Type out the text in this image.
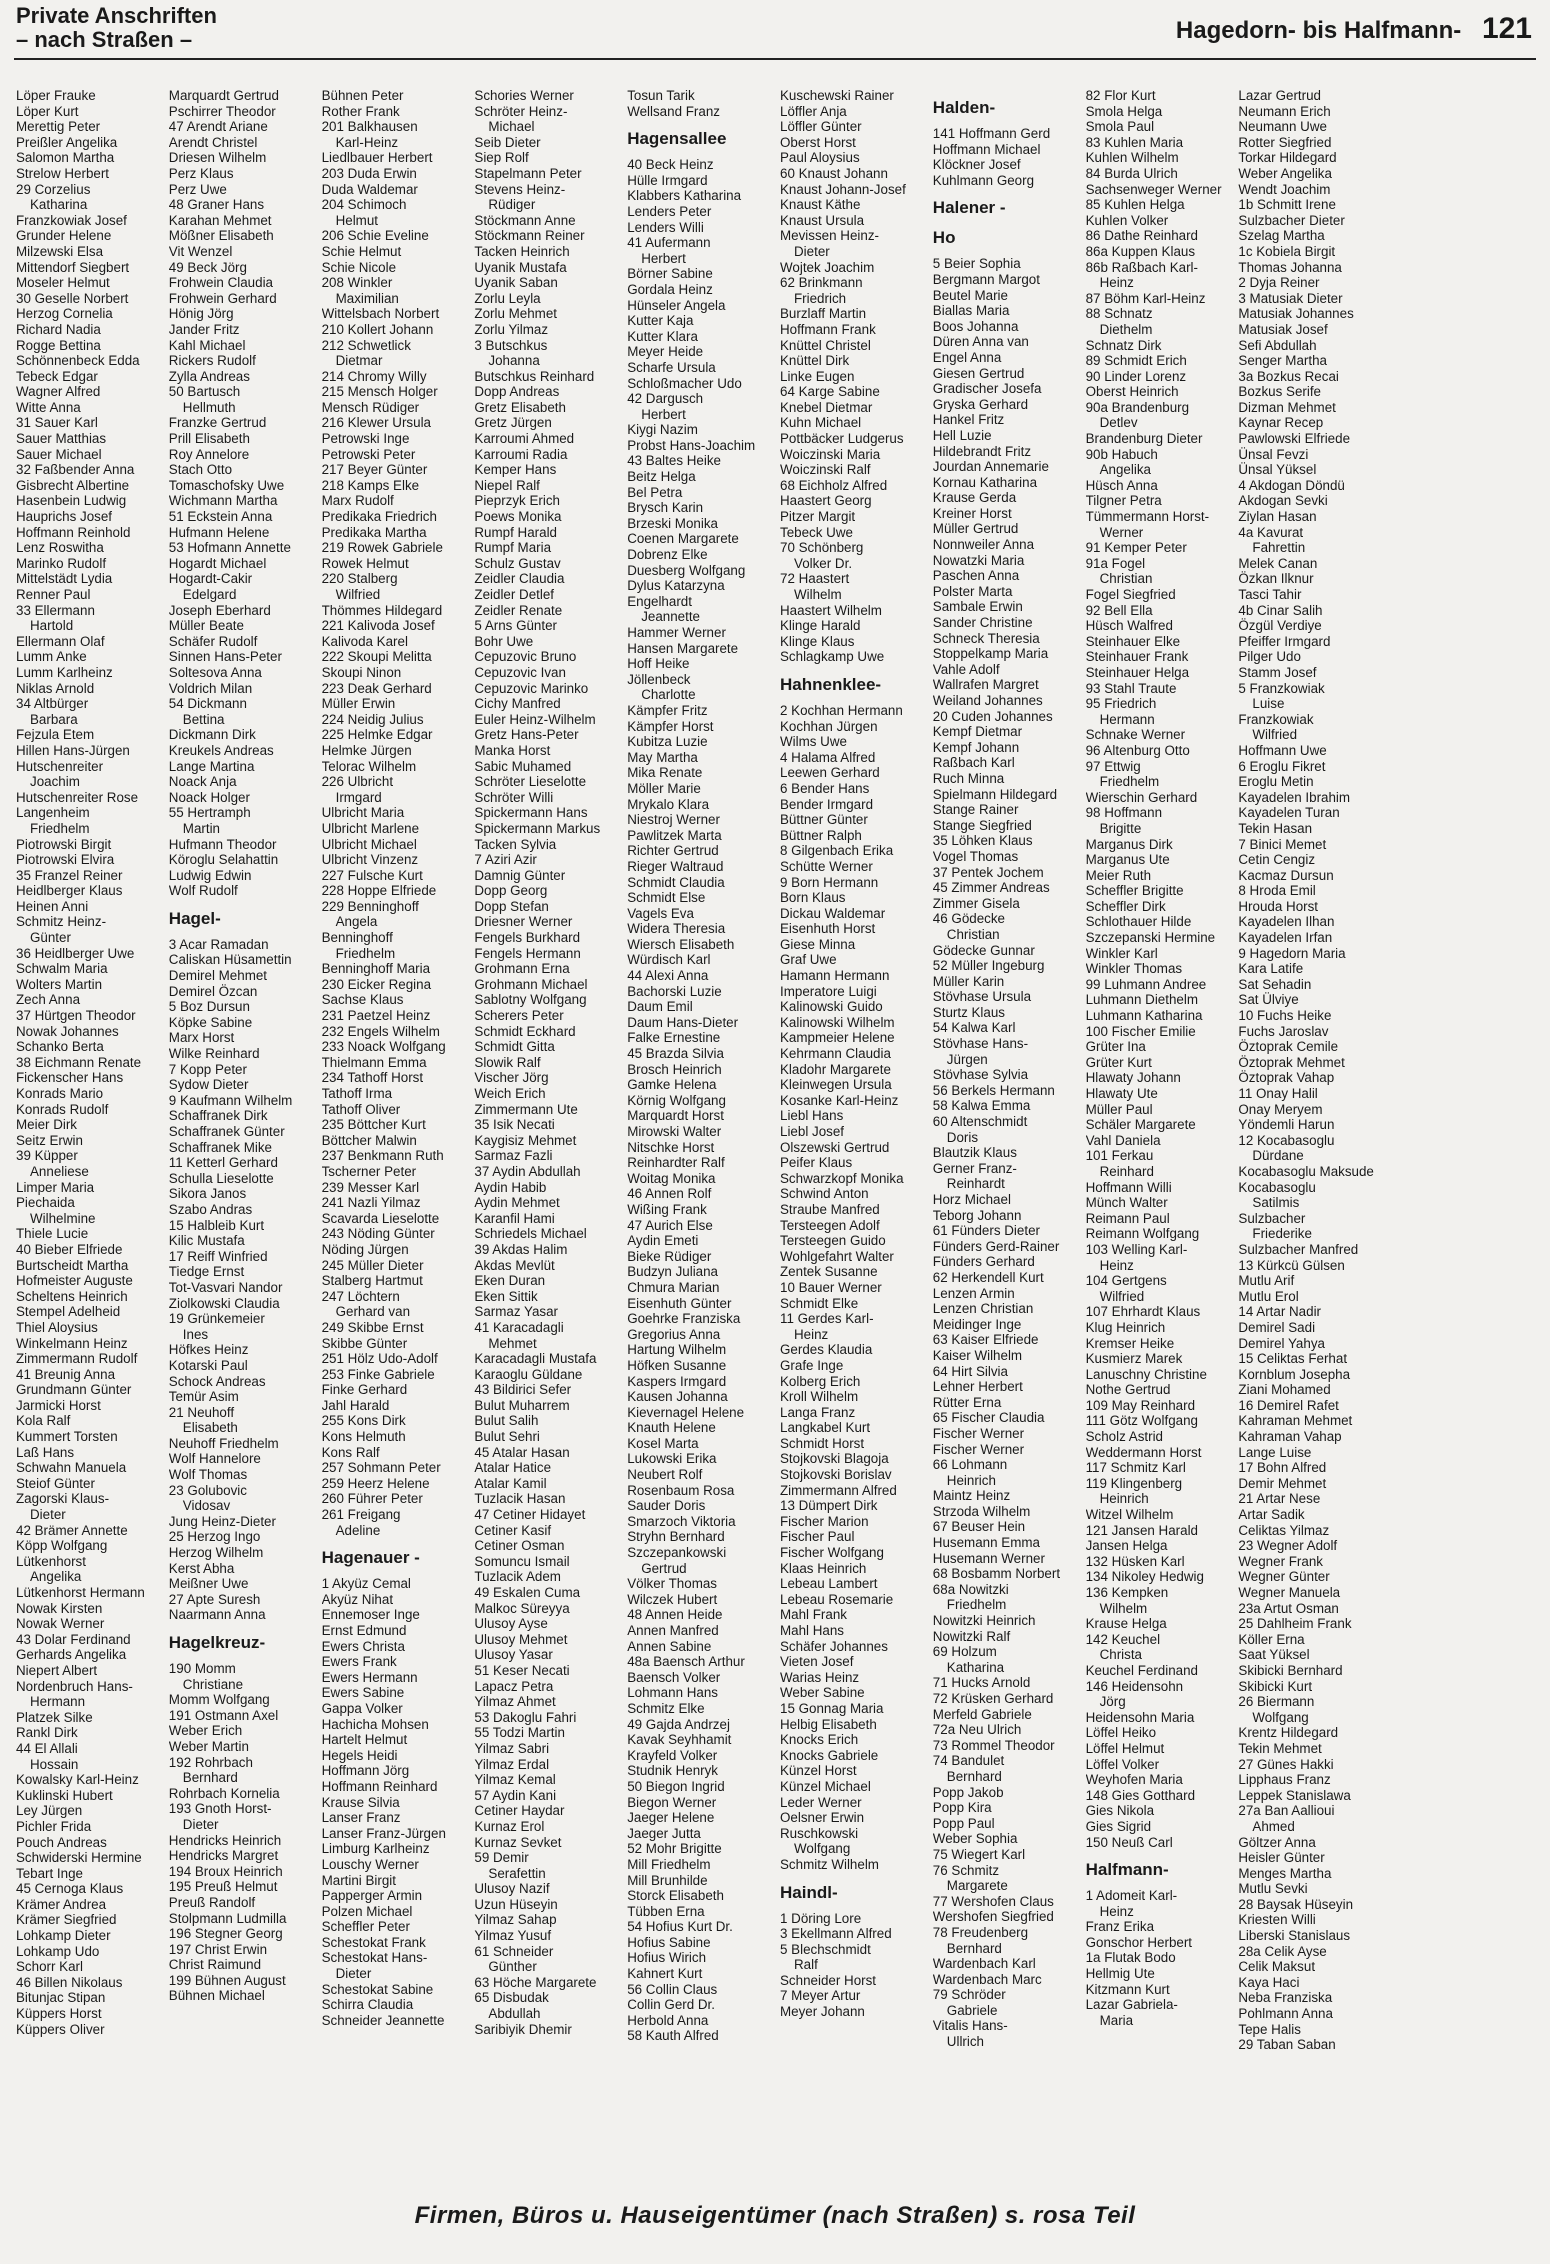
Private Anschriften
– nach Straßen –	Hagedorn- bis Halfmann- 121
Löper Frauke
Löper Kurt
Merettig Peter
Preißler Angelika
Salomon Martha
Strelow Herbert
29 Corzelius
Katharina
Franzkowiak Josef
Grunder Helene
Milzewski Elsa
Mittendorf Siegbert
Moseler Helmut
30 Geselle Norbert
Herzog Cornelia
Richard Nadia
Rogge Bettina
Schönnenbeck Edda
Tebeck Edgar
Wagner Alfred
Witte Anna
31 Sauer Karl
Sauer Matthias
Sauer Michael
32 Faßbender Anna
Gisbrecht Albertine
Hasenbein Ludwig
Hauprichs Josef
Hoffmann Reinhold
Lenz Roswitha
Marinko Rudolf
Mittelstädt Lydia
Renner Paul
33 Ellermann
Hartold
Ellermann Olaf
Lumm Anke
Lumm Karlheinz
Niklas Arnold
34 Altbürger
Barbara
Fejzula Etem
Hillen Hans-Jürgen
Hutschenreiter
Joachim
Hutschenreiter Rose
Langenheim
Friedhelm
Piotrowski Birgit
Piotrowski Elvira
35 Franzel Reiner
Heidlberger Klaus
Heinen Anni
Schmitz Heinz-
Günter
36 Heidlberger Uwe
Schwalm Maria
Wolters Martin
Zech Anna
37 Hürtgen Theodor
Nowak Johannes
Schanko Berta
38 Eichmann Renate
Fickenscher Hans
Konrads Mario
Konrads Rudolf
Meier Dirk
Seitz Erwin
39 Küpper
Anneliese
Limper Maria
Piechaida
Wilhelmine
Thiele Lucie
40 Bieber Elfriede
Burtscheidt Martha
Hofmeister Auguste
Scheltens Heinrich
Stempel Adelheid
Thiel Aloysius
Winkelmann Heinz
Zimmermann Rudolf
41 Breunig Anna
Grundmann Günter
Jarmicki Horst
Kola Ralf
Kummert Torsten
Laß Hans
Schwahn Manuela
Steiof Günter
Zagorski Klaus-
Dieter
42 Brämer Annette
Köpp Wolfgang
Lütkenhorst
Angelika
Lütkenhorst Hermann
Nowak Kirsten
Nowak Werner
43 Dolar Ferdinand
Gerhards Angelika
Niepert Albert
Nordenbruch Hans-
Hermann
Platzek Silke
Rankl Dirk
44 El Allali
Hossain
Kowalsky Karl-Heinz
Kuklinski Hubert
Ley Jürgen
Pichler Frida
Pouch Andreas
Schwiderski Hermine
Tebart Inge
45 Cernoga Klaus
Krämer Andrea
Krämer Siegfried
Lohkamp Dieter
Lohkamp Udo
Schorr Karl
46 Billen Nikolaus
Bitunjac Stipan
Küppers Horst
Küppers Oliver
Marquardt Gertrud
Pschirrer Theodor
47 Arendt Ariane
Arendt Christel
Driesen Wilhelm
Perz Klaus
Perz Uwe
48 Graner Hans
Karahan Mehmet
Mößner Elisabeth
Vit Wenzel
49 Beck Jörg
Frohwein Claudia
Frohwein Gerhard
Hönig Jörg
Jander Fritz
Kahl Michael
Rickers Rudolf
Zylla Andreas
50 Bartusch
Hellmuth
Franzke Gertrud
Prill Elisabeth
Roy Annelore
Stach Otto
Tomaschofsky Uwe
Wichmann Martha
51 Eckstein Anna
Hufmann Helene
53 Hofmann Annette
Hogardt Michael
Hogardt-Cakir
Edelgard
Joseph Eberhard
Müller Beate
Schäfer Rudolf
Sinnen Hans-Peter
Soltesova Anna
Voldrich Milan
54 Dickmann
Bettina
Dickmann Dirk
Kreukels Andreas
Lange Martina
Noack Anja
Noack Holger
55 Hertramph
Martin
Hufmann Theodor
Köroglu Selahattin
Ludwig Edwin
Wolf Rudolf
Hagel-
3 Acar Ramadan
Caliskan Hüsamettin
Demirel Mehmet
Demirel Özcan
5 Boz Dursun
Köpke Sabine
Marx Horst
Wilke Reinhard
7 Kopp Peter
Sydow Dieter
9 Kaufmann Wilhelm
Schaffranek Dirk
Schaffranek Günter
Schaffranek Mike
11 Ketterl Gerhard
Schulla Lieselotte
Sikora Janos
Szabo Andras
15 Halbleib Kurt
Kilic Mustafa
17 Reiff Winfried
Tiedge Ernst
Tot-Vasvari Nandor
Ziolkowski Claudia
19 Grünkemeier
Ines
Höfkes Heinz
Kotarski Paul
Schock Andreas
Temür Asim
21 Neuhoff
Elisabeth
Neuhoff Friedhelm
Wolf Hannelore
Wolf Thomas
23 Golubovic
Vidosav
Jung Heinz-Dieter
25 Herzog Ingo
Herzog Wilhelm
Kerst Abha
Meißner Uwe
27 Apte Suresh
Naarmann Anna
Hagelkreuz-
190 Momm
Christiane
Momm Wolfgang
191 Ostmann Axel
Weber Erich
Weber Martin
192 Rohrbach
Bernhard
Rohrbach Kornelia
193 Gnoth Horst-
Dieter
Hendricks Heinrich
Hendricks Margret
194 Broux Heinrich
195 Preuß Helmut
Preuß Randolf
Stolpmann Ludmilla
196 Stegner Georg
197 Christ Erwin
Christ Raimund
199 Bühnen August
Bühnen Michael
Bühnen Peter
Rother Frank
201 Balkhausen
Karl-Heinz
Liedlbauer Herbert
203 Duda Erwin
Duda Waldemar
204 Schimoch
Helmut
206 Schie Eveline
Schie Helmut
Schie Nicole
208 Winkler
Maximilian
Wittelsbach Norbert
210 Kollert Johann
212 Schwetlick
Dietmar
214 Chromy Willy
215 Mensch Holger
Mensch Rüdiger
216 Klewer Ursula
Petrowski Inge
Petrowski Peter
217 Beyer Günter
218 Kamps Elke
Marx Rudolf
Predikaka Friedrich
Predikaka Martha
219 Rowek Gabriele
Rowek Helmut
220 Stalberg
Wilfried
Thömmes Hildegard
221 Kalivoda Josef
Kalivoda Karel
222 Skoupi Melitta
Skoupi Ninon
223 Deak Gerhard
Müller Erwin
224 Neidig Julius
225 Helmke Edgar
Helmke Jürgen
Telorac Wilhelm
226 Ulbricht
Irmgard
Ulbricht Maria
Ulbricht Marlene
Ulbricht Michael
Ulbricht Vinzenz
227 Fulsche Kurt
228 Hoppe Elfriede
229 Benninghoff
Angela
Benninghoff
Friedhelm
Benninghoff Maria
230 Eicker Regina
Sachse Klaus
231 Paetzel Heinz
232 Engels Wilhelm
233 Noack Wolfgang
Thielmann Emma
234 Tathoff Horst
Tathoff Irma
Tathoff Oliver
235 Böttcher Kurt
Böttcher Malwin
237 Benkmann Ruth
Tscherner Peter
239 Messer Karl
241 Nazli Yilmaz
Scavarda Lieselotte
243 Nöding Günter
Nöding Jürgen
245 Müller Dieter
Stalberg Hartmut
247 Löchtern
Gerhard van
249 Skibbe Ernst
Skibbe Günter
251 Hölz Udo-Adolf
253 Finke Gabriele
Finke Gerhard
Jahl Harald
255 Kons Dirk
Kons Helmuth
Kons Ralf
257 Sohmann Peter
259 Heerz Helene
260 Führer Peter
261 Freigang
Adeline
Hagenauer -
1 Akyüz Cemal
Akyüz Nihat
Ennemoser Inge
Ernst Edmund
Ewers Christa
Ewers Frank
Ewers Hermann
Ewers Sabine
Gappa Volker
Hachicha Mohsen
Hartelt Helmut
Hegels Heidi
Hoffmann Jörg
Hoffmann Reinhard
Krause Silvia
Lanser Franz
Lanser Franz-Jürgen
Limburg Karlheinz
Louschy Werner
Martini Birgit
Papperger Armin
Polzen Michael
Scheffler Peter
Schestokat Frank
Schestokat Hans-
Dieter
Schestokat Sabine
Schirra Claudia
Schneider Jeannette
Schories Werner
Schröter Heinz-
Michael
Seib Dieter
Siep Rolf
Stapelmann Peter
Stevens Heinz-
Rüdiger
Stöckmann Anne
Stöckmann Reiner
Tacken Heinrich
Uyanik Mustafa
Uyanik Saban
Zorlu Leyla
Zorlu Mehmet
Zorlu Yilmaz
3 Butschkus
Johanna
Butschkus Reinhard
Dopp Andreas
Gretz Elisabeth
Gretz Jürgen
Karroumi Ahmed
Karroumi Radia
Kemper Hans
Niepel Ralf
Pieprzyk Erich
Poews Monika
Rumpf Harald
Rumpf Maria
Schulz Gustav
Zeidler Claudia
Zeidler Detlef
Zeidler Renate
5 Arns Günter
Bohr Uwe
Cepuzovic Bruno
Cepuzovic Ivan
Cepuzovic Marinko
Cichy Manfred
Euler Heinz-Wilhelm
Gretz Hans-Peter
Manka Horst
Sabic Muhamed
Schröter Lieselotte
Schröter Willi
Spickermann Hans
Spickermann Markus
Tacken Sylvia
7 Aziri Azir
Damnig Günter
Dopp Georg
Dopp Stefan
Driesner Werner
Fengels Burkhard
Fengels Hermann
Grohmann Erna
Grohmann Michael
Sablotny Wolfgang
Scherers Peter
Schmidt Eckhard
Schmidt Gitta
Slowik Ralf
Vischer Jörg
Weich Erich
Zimmermann Ute
35 Isik Necati
Kaygisiz Mehmet
Sarmaz Fazli
37 Aydin Abdullah
Aydin Habib
Aydin Mehmet
Karanfil Hami
Schriedels Michael
39 Akdas Halim
Akdas Mevlüt
Eken Duran
Eken Sittik
Sarmaz Yasar
41 Karacadagli
Mehmet
Karacadagli Mustafa
Karaoglu Güldane
43 Bildirici Sefer
Bulut Muharrem
Bulut Salih
Bulut Sehri
45 Atalar Hasan
Atalar Hatice
Atalar Kamil
Tuzlacik Hasan
47 Cetiner Hidayet
Cetiner Kasif
Cetiner Osman
Somuncu Ismail
Tuzlacik Adem
49 Eskalen Cuma
Malkoc Süreyya
Ulusoy Ayse
Ulusoy Mehmet
Ulusoy Yasar
51 Keser Necati
Lapacz Petra
Yilmaz Ahmet
53 Dakoglu Fahri
55 Todzi Martin
Yilmaz Sabri
Yilmaz Erdal
Yilmaz Kemal
57 Aydin Kani
Cetiner Haydar
Kurnaz Erol
Kurnaz Sevket
59 Demir
Serafettin
Ulusoy Nazif
Uzun Hüseyin
Yilmaz Sahap
Yilmaz Yusuf
61 Schneider
Günther
63 Höche Margarete
65 Disbudak
Abdullah
Saribiyik Dhemir
Tosun Tarik
Wellsand Franz
Hagensallee
40 Beck Heinz
Hülle Irmgard
Klabbers Katharina
Lenders Peter
Lenders Willi
41 Aufermann
Herbert
Börner Sabine
Gordala Heinz
Hünseler Angela
Kutter Kaja
Kutter Klara
Meyer Heide
Scharfe Ursula
Schloßmacher Udo
42 Dargusch
Herbert
Kiygi Nazim
Probst Hans-Joachim
43 Baltes Heike
Beitz Helga
Bel Petra
Brysch Karin
Brzeski Monika
Coenen Margarete
Dobrenz Elke
Duesberg Wolfgang
Dylus Katarzyna
Engelhardt
Jeannette
Hammer Werner
Hansen Margarete
Hoff Heike
Jöllenbeck
Charlotte
Kämpfer Fritz
Kämpfer Horst
Kubitza Luzie
May Martha
Mika Renate
Möller Marie
Mrykalo Klara
Niestroj Werner
Pawlitzek Marta
Richter Gertrud
Rieger Waltraud
Schmidt Claudia
Schmidt Else
Vagels Eva
Widera Theresia
Wiersch Elisabeth
Würdisch Karl
44 Alexi Anna
Bachorski Luzie
Daum Emil
Daum Hans-Dieter
Falke Ernestine
45 Brazda Silvia
Brosch Heinrich
Gamke Helena
Körnig Wolfgang
Marquardt Horst
Mirowski Walter
Nitschke Horst
Reinhardter Ralf
Woitag Monika
46 Annen Rolf
Wißing Frank
47 Aurich Else
Aydin Emeti
Bieke Rüdiger
Budzyn Juliana
Chmura Marian
Eisenhuth Günter
Goehrke Franziska
Gregorius Anna
Hartung Wilhelm
Höfken Susanne
Kaspers Irmgard
Kausen Johanna
Kievernagel Helene
Knauth Helene
Kosel Marta
Lukowski Erika
Neubert Rolf
Rosenbaum Rosa
Sauder Doris
Smarzoch Viktoria
Stryhn Bernhard
Szczepankowski
Gertrud
Völker Thomas
Wilczek Hubert
48 Annen Heide
Annen Manfred
Annen Sabine
48a Baensch Arthur
Baensch Volker
Lohmann Hans
Schmitz Elke
49 Gajda Andrzej
Kavak Seyhhamit
Krayfeld Volker
Studnik Henryk
50 Biegon Ingrid
Biegon Werner
Jaeger Helene
Jaeger Jutta
52 Mohr Brigitte
Mill Friedhelm
Mill Brunhilde
Storck Elisabeth
Tübben Erna
54 Hofius Kurt Dr.
Hofius Sabine
Hofius Wirich
Kahnert Kurt
56 Collin Claus
Collin Gerd Dr.
Herbold Anna
58 Kauth Alfred
Kuschewski Rainer
Löffler Anja
Löffler Günter
Oberst Horst
Paul Aloysius
60 Knaust Johann
Knaust Johann-Josef
Knaust Käthe
Knaust Ursula
Mevissen Heinz-
Dieter
Wojtek Joachim
62 Brinkmann
Friedrich
Burzlaff Martin
Hoffmann Frank
Knüttel Christel
Knüttel Dirk
Linke Eugen
64 Karge Sabine
Knebel Dietmar
Kuhn Michael
Pottbäcker Ludgerus
Woiczinski Maria
Woiczinski Ralf
68 Eichholz Alfred
Haastert Georg
Pitzer Margit
Tebeck Uwe
70 Schönberg
Volker Dr.
72 Haastert
Wilhelm
Haastert Wilhelm
Klinge Harald
Klinge Klaus
Schlagkamp Uwe
Hahnenklee-
2 Kochhan Hermann
Kochhan Jürgen
Wilms Uwe
4 Halama Alfred
Leewen Gerhard
6 Bender Hans
Bender Irmgard
Büttner Günter
Büttner Ralph
8 Gilgenbach Erika
Schütte Werner
9 Born Hermann
Born Klaus
Dickau Waldemar
Eisenhuth Horst
Giese Minna
Graf Uwe
Hamann Hermann
Imperatore Luigi
Kalinowski Guido
Kalinowski Wilhelm
Kampmeier Helene
Kehrmann Claudia
Kladohr Margarete
Kleinwegen Ursula
Kosanke Karl-Heinz
Liebl Hans
Liebl Josef
Olszewski Gertrud
Peifer Klaus
Schwarzkopf Monika
Schwind Anton
Straube Manfred
Tersteegen Adolf
Tersteegen Guido
Wohlgefahrt Walter
Zentek Susanne
10 Bauer Werner
Schmidt Elke
11 Gerdes Karl-
Heinz
Gerdes Klaudia
Grafe Inge
Kolberg Erich
Kroll Wilhelm
Langa Franz
Langkabel Kurt
Schmidt Horst
Stojkovski Blagoja
Stojkovski Borislav
Zimmermann Alfred
13 Dümpert Dirk
Fischer Marion
Fischer Paul
Fischer Wolfgang
Klaas Heinrich
Lebeau Lambert
Lebeau Rosemarie
Mahl Frank
Mahl Hans
Schäfer Johannes
Vieten Josef
Warias Heinz
Weber Sabine
15 Gonnag Maria
Helbig Elisabeth
Knocks Erich
Knocks Gabriele
Künzel Horst
Künzel Michael
Leder Werner
Oelsner Erwin
Ruschkowski
Wolfgang
Schmitz Wilhelm
Haindl-
1 Döring Lore
3 Ekellmann Alfred
5 Blechschmidt
Ralf
Schneider Horst
7 Meyer Artur
Meyer Johann
Halden-
141 Hoffmann Gerd
Hoffmann Michael
Klöckner Josef
Kuhlmann Georg
Halener -
Ho
5 Beier Sophia
Bergmann Margot
Beutel Marie
Biallas Maria
Boos Johanna
Düren Anna van
Engel Anna
Giesen Gertrud
Gradischer Josefa
Gryska Gerhard
Hankel Fritz
Hell Luzie
Hildebrandt Fritz
Jourdan Annemarie
Kornau Katharina
Krause Gerda
Kreiner Horst
Müller Gertrud
Nonnweiler Anna
Nowatzki Maria
Paschen Anna
Polster Marta
Sambale Erwin
Sander Christine
Schneck Theresia
Stoppelkamp Maria
Vahle Adolf
Wallrafen Margret
Weiland Johannes
20 Cuden Johannes
Kempf Dietmar
Kempf Johann
Raßbach Karl
Ruch Minna
Spielmann Hildegard
Stange Rainer
Stange Siegfried
35 Löhken Klaus
Vogel Thomas
37 Pentek Jochem
45 Zimmer Andreas
Zimmer Gisela
46 Gödecke
Christian
Gödecke Gunnar
52 Müller Ingeburg
Müller Karin
Stövhase Ursula
Sturtz Klaus
54 Kalwa Karl
Stövhase Hans-
Jürgen
Stövhase Sylvia
56 Berkels Hermann
58 Kalwa Emma
60 Altenschmidt
Doris
Blautzik Klaus
Gerner Franz-
Reinhardt
Horz Michael
Teborg Johann
61 Fünders Dieter
Fünders Gerd-Rainer
Fünders Gerhard
62 Herkendell Kurt
Lenzen Armin
Lenzen Christian
Meidinger Inge
63 Kaiser Elfriede
Kaiser Wilhelm
64 Hirt Silvia
Lehner Herbert
Rütter Erna
65 Fischer Claudia
Fischer Werner
Fischer Werner
66 Lohmann
Heinrich
Maintz Heinz
Strzoda Wilhelm
67 Beuser Hein
Husemann Emma
Husemann Werner
68 Bosbamm Norbert
68a Nowitzki
Friedhelm
Nowitzki Heinrich
Nowitzki Ralf
69 Holzum
Katharina
71 Hucks Arnold
72 Krüsken Gerhard
Merfeld Gabriele
72a Neu Ulrich
73 Rommel Theodor
74 Bandulet
Bernhard
Popp Jakob
Popp Kira
Popp Paul
Weber Sophia
75 Wiegert Karl
76 Schmitz
Margarete
77 Wershofen Claus
Wershofen Siegfried
78 Freudenberg
Bernhard
Wardenbach Karl
Wardenbach Marc
79 Schröder
Gabriele
Vitalis Hans-
Ullrich
82 Flor Kurt
Smola Helga
Smola Paul
83 Kuhlen Maria
Kuhlen Wilhelm
84 Burda Ulrich
Sachsenweger Werner
85 Kuhlen Helga
Kuhlen Volker
86 Dathe Reinhard
86a Kuppen Klaus
86b Raßbach Karl-
Heinz
87 Böhm Karl-Heinz
88 Schnatz
Diethelm
Schnatz Dirk
89 Schmidt Erich
90 Linder Lorenz
Oberst Heinrich
90a Brandenburg
Detlev
Brandenburg Dieter
90b Habuch
Angelika
Hüsch Anna
Tilgner Petra
Tümmermann Horst-
Werner
91 Kemper Peter
91a Fogel
Christian
Fogel Siegfried
92 Bell Ella
Hüsch Walfred
Steinhauer Elke
Steinhauer Frank
Steinhauer Helga
93 Stahl Traute
95 Friedrich
Hermann
Schnake Werner
96 Altenburg Otto
97 Ettwig
Friedhelm
Wierschin Gerhard
98 Hoffmann
Brigitte
Marganus Dirk
Marganus Ute
Meier Ruth
Scheffler Brigitte
Scheffler Dirk
Schlothauer Hilde
Szczepanski Hermine
Winkler Karl
Winkler Thomas
99 Luhmann Andree
Luhmann Diethelm
Luhmann Katharina
100 Fischer Emilie
Grüter Ina
Grüter Kurt
Hlawaty Johann
Hlawaty Ute
Müller Paul
Schäler Margarete
Vahl Daniela
101 Ferkau
Reinhard
Hoffmann Willi
Münch Walter
Reimann Paul
Reimann Wolfgang
103 Welling Karl-
Heinz
104 Gertgens
Wilfried
107 Ehrhardt Klaus
Klug Heinrich
Kremser Heike
Kusmierz Marek
Lanuschny Christine
Nothe Gertrud
109 May Reinhard
111 Götz Wolfgang
Scholz Astrid
Weddermann Horst
117 Schmitz Karl
119 Klingenberg
Heinrich
Witzel Wilhelm
121 Jansen Harald
Jansen Helga
132 Hüsken Karl
134 Nikoley Hedwig
136 Kempken
Wilhelm
Krause Helga
142 Keuchel
Christa
Keuchel Ferdinand
146 Heidensohn
Jörg
Heidensohn Maria
Löffel Heiko
Löffel Helmut
Löffel Volker
Weyhofen Maria
148 Gies Gotthard
Gies Nikola
Gies Sigrid
150 Neuß Carl
Halfmann-
1 Adomeit Karl-
Heinz
Franz Erika
Gonschor Herbert
1a Flutak Bodo
Hellmig Ute
Kitzmann Kurt
Lazar Gabriela-
Maria
Lazar Gertrud
Neumann Erich
Neumann Uwe
Rotter Siegfried
Torkar Hildegard
Weber Angelika
Wendt Joachim
1b Schmitt Irene
Sulzbacher Dieter
Szelag Martha
1c Kobiela Birgit
Thomas Johanna
2 Dyja Reiner
3 Matusiak Dieter
Matusiak Johannes
Matusiak Josef
Sefi Abdullah
Senger Martha
3a Bozkus Recai
Bozkus Serife
Dizman Mehmet
Kaynar Recep
Pawlowski Elfriede
Ünsal Fevzi
Ünsal Yüksel
4 Akdogan Döndü
Akdogan Sevki
Ziylan Hasan
4a Kavurat
Fahrettin
Melek Canan
Özkan Ilknur
Tasci Tahir
4b Cinar Salih
Özgül Verdiye
Pfeiffer Irmgard
Pilger Udo
Stamm Josef
5 Franzkowiak
Luise
Franzkowiak
Wilfried
Hoffmann Uwe
6 Eroglu Fikret
Eroglu Metin
Kayadelen Ibrahim
Kayadelen Turan
Tekin Hasan
7 Binici Memet
Cetin Cengiz
Kacmaz Dursun
8 Hroda Emil
Hrouda Horst
Kayadelen Ilhan
Kayadelen Irfan
9 Hagedorn Maria
Kara Latife
Sat Sehadin
Sat Ülviye
10 Fuchs Heike
Fuchs Jaroslav
Öztoprak Cemile
Öztoprak Mehmet
Öztoprak Vahap
11 Onay Halil
Onay Meryem
Yöndemli Harun
12 Kocabasoglu
Dürdane
Kocabasoglu Maksude
Kocabasoglu
Satilmis
Sulzbacher
Friederike
Sulzbacher Manfred
13 Kürkcü Gülsen
Mutlu Arif
Mutlu Erol
14 Artar Nadir
Demirel Sadi
Demirel Yahya
15 Celiktas Ferhat
Kornblum Josepha
Ziani Mohamed
16 Demirel Rafet
Kahraman Mehmet
Kahraman Vahap
Lange Luise
17 Bohn Alfred
Demir Mehmet
21 Artar Nese
Artar Sadik
Celiktas Yilmaz
23 Wegner Adolf
Wegner Frank
Wegner Günter
Wegner Manuela
23a Artut Osman
25 Dahlheim Frank
Köller Erna
Saat Yüksel
Skibicki Bernhard
Skibicki Kurt
26 Biermann
Wolfgang
Krentz Hildegard
Tekin Mehmet
27 Günes Hakki
Lipphaus Franz
Leppek Stanislawa
27a Ban Aallioui
Ahmed
Göltzer Anna
Heisler Günter
Menges Martha
Mutlu Sevki
28 Baysak Hüseyin
Kriesten Willi
Liberski Stanislaus
28a Celik Ayse
Celik Maksut
Kaya Haci
Neba Franziska
Pohlmann Anna
Tepe Halis
29 Taban Saban
Firmen, Büros u. Hauseigentümer (nach Straßen) s. rosa Teil
